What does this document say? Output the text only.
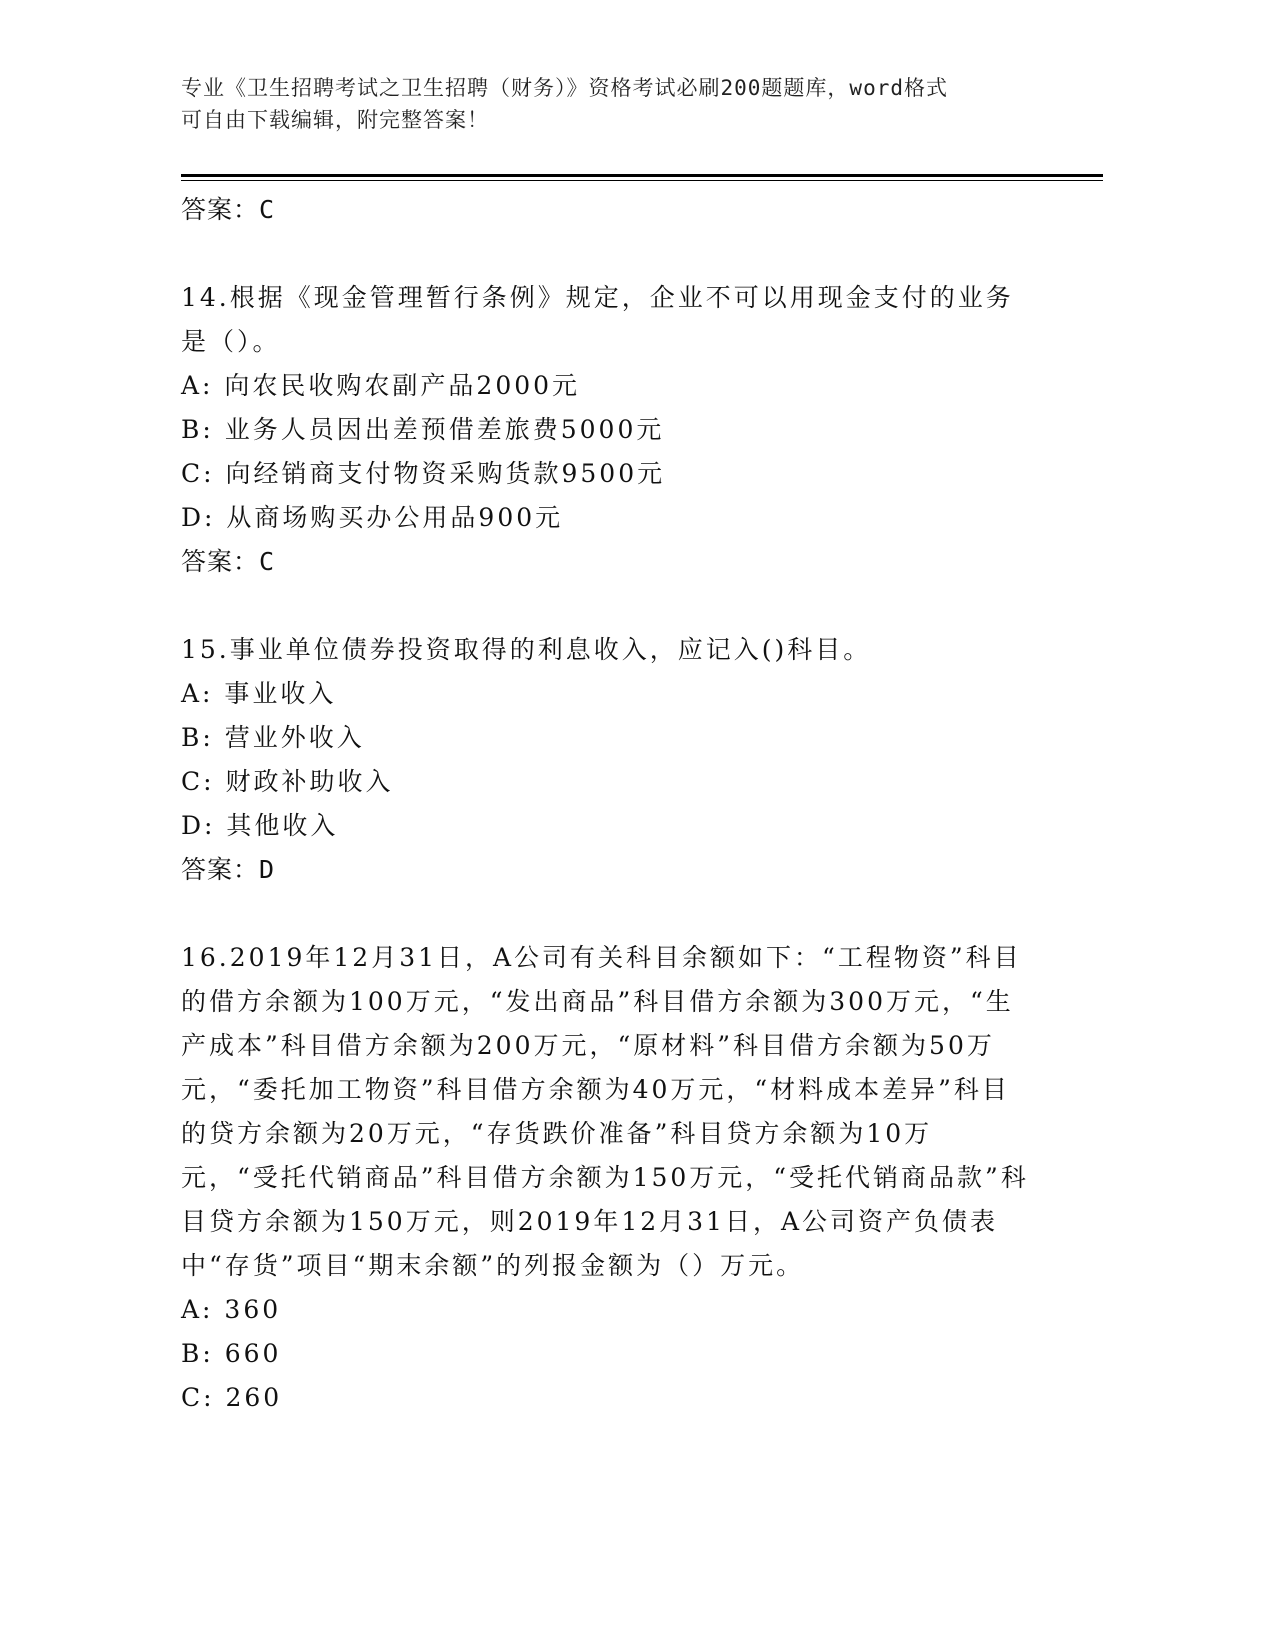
专业《卫生招聘考试之卫生招聘（财务）》资格考试必刷200题题库，word格式
可自由下载编辑，附完整答案！
答案：C
14.根据《现金管理暂行条例》规定，企业不可以用现金支付的业务是（）。
A: 向农民收购农副产品2000元
B: 业务人员因出差预借差旅费5000元
C: 向经销商支付物资采购货款9500元
D: 从商场购买办公用品900元
答案：C
15.事业单位债券投资取得的利息收入，应记入()科目。
A: 事业收入
B: 营业外收入
C: 财政补助收入
D: 其他收入
答案：D
16.2019年12月31日，A公司有关科目余额如下：“工程物资”科目的借方余额为100万元，“发出商品”科目借方余额为300万元，“生产成本”科目借方余额为200万元，“原材料”科目借方余额为50万元，“委托加工物资”科目借方余额为40万元，“材料成本差异”科目的贷方余额为20万元，“存货跌价准备”科目贷方余额为10万元，“受托代销商品”科目借方余额为150万元，“受托代销商品款”科目贷方余额为150万元，则2019年12月31日，A公司资产负债表中“存货”项目“期末余额”的列报金额为（）万元。
A: 360
B: 660
C: 260
